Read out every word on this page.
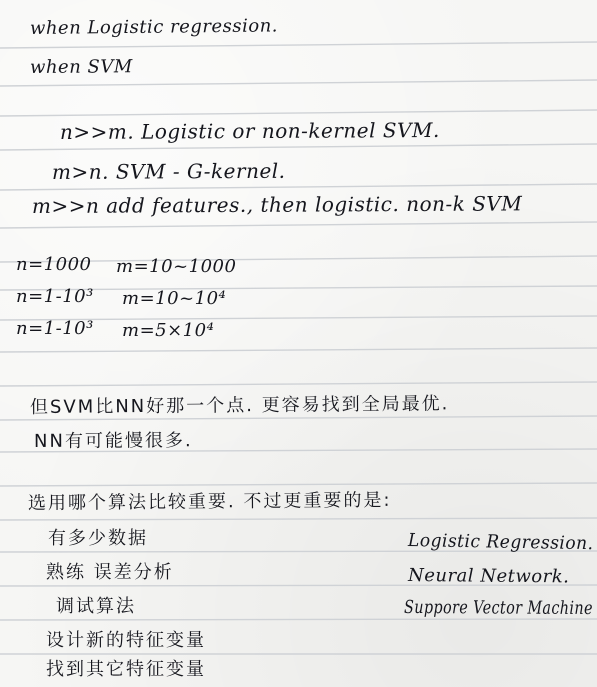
when Logistic regression.
when SVM
n>>m. Logistic or non-kernel SVM.
m>n. SVM - G-kernel.
m>>n add features., then logistic. non-k SVM
n=1000 m=10~1000
n=1-10³ m=10~10⁴
n=1-10³ m=5×10⁴
但SVM比NN好那一个点. 更容易找到全局最优.
NN有可能慢很多.
选用哪个算法比较重要. 不过更重要的是:
有多少数据
熟练 误差分析
调试算法
设计新的特征变量
找到其它特征变量
Logistic Regression.
Neural Network.
Suppore Vector Machine
